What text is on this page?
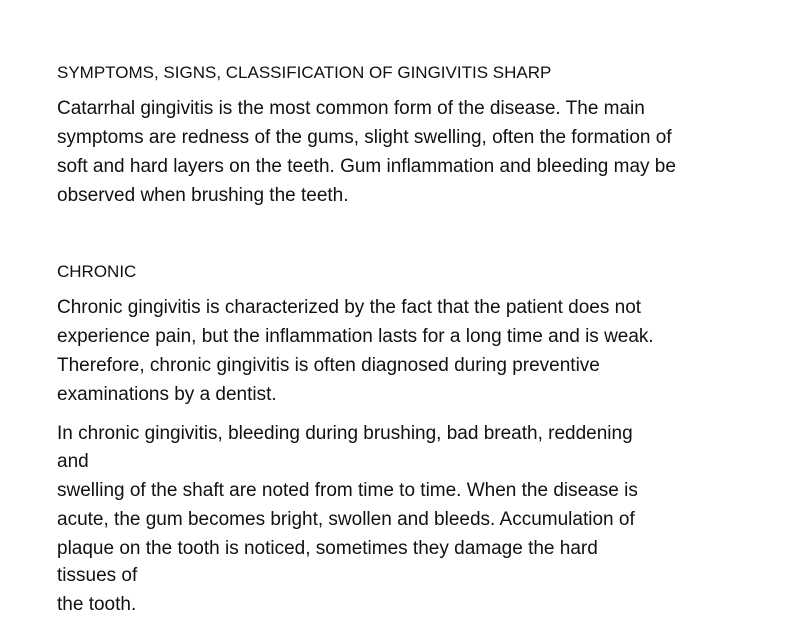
SYMPTOMS, SIGNS, CLASSIFICATION OF GINGIVITIS SHARP
Catarrhal gingivitis is the most common form of the disease. The main
symptoms are redness of the gums, slight swelling, often the formation of
soft and hard layers on the teeth. Gum inflammation and bleeding may be
observed when brushing the teeth.
CHRONIC
Chronic gingivitis is characterized by the fact that the patient does not
experience pain, but the inflammation lasts for a long time and is weak.
Therefore, chronic gingivitis is often diagnosed during preventive
examinations by a dentist.
In chronic gingivitis, bleeding during brushing, bad breath, reddening
and
swelling of the shaft are noted from time to time. When the disease is
acute, the gum becomes bright, swollen and bleeds. Accumulation of
plaque on the tooth is noticed, sometimes they damage the hard
tissues of
the tooth.
